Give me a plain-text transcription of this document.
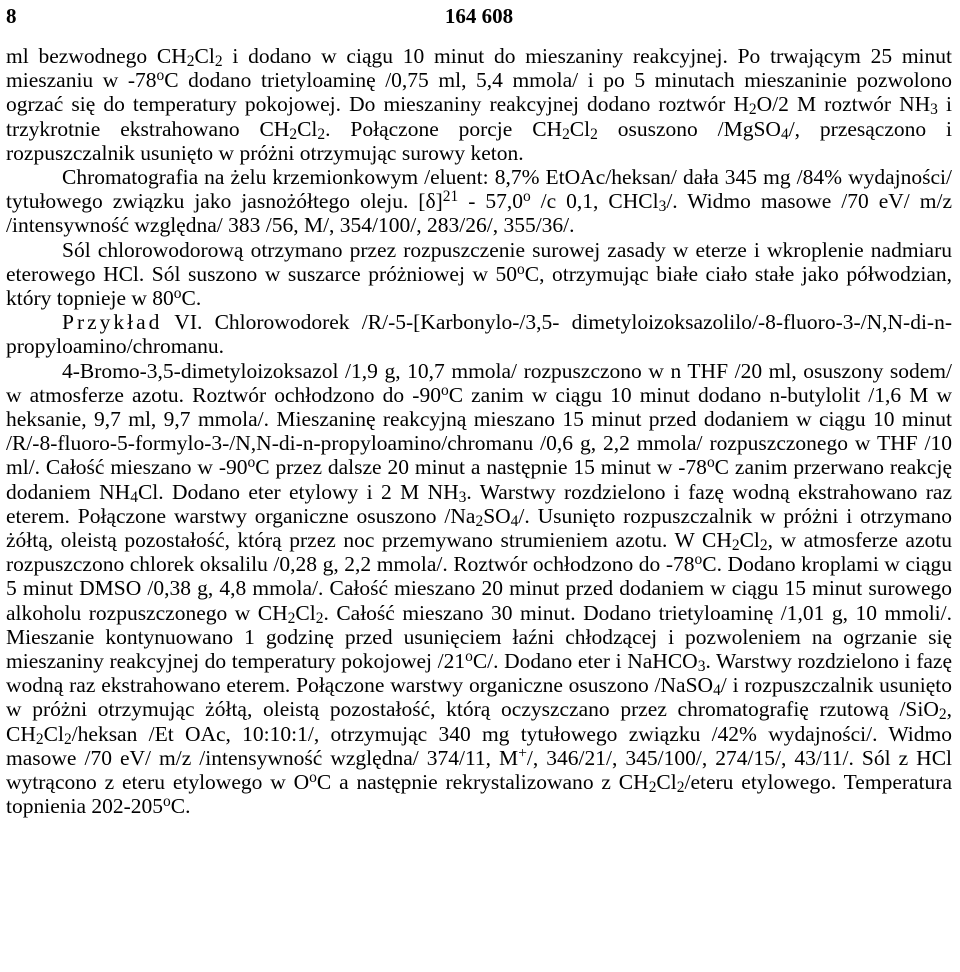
8	164 608

ml bezwodnego $CH_2Cl_2$ i dodano w ciągu 10 minut do mieszaniny reakcyjnej. Po trwającym 25 minut mieszaniu w -78$^o$C dodano trietyloaminę /0,75 ml, 5,4 mmola/ i po 5 minutach mieszaninie pozwolono ogrzać się do temperatury pokojowej. Do mieszaniny reakcyjnej dodano roztwór $H_2O/2$ M roztwór $NH_3$ i trzykrotnie ekstrahowano $CH_2Cl_2$. Połączone porcje $CH_2Cl_2$ osuszono /MgSO$_4$/, przesączono i rozpuszczalnik usunięto w próżni otrzymując surowy keton.

Chromatografia na żelu krzemionkowym /eluent: 8,7% EtOAc/heksan/ dała 345 mg /84% wydajności/ tytułowego związku jako jasnożółtego oleju. $[\delta]^{21} - 57,0^o$ /c 0,1, CHCl$_3$/. Widmo masowe /70 eV/ m/z /intensywność względna/ 383 /56, M/, 354/100/, 283/26/, 355/36/.

Sól chlorowodorową otrzymano przez rozpuszczenie surowej zasady w eterze i wkroplenie nadmiaru eterowego HCl. Sól suszono w suszarce próżniowej w 50$^o$C, otrzymując białe ciało stałe jako półwodzian, który topnieje w 80$^o$C.

Przykład VI. Chlorowodorek /R/-5-[Karbonylo-/3,5- dimetyloizoksazolilo/-8-fluoro-3-/N,N-di-n-propyloamino/chromanu.

4-Bromo-3,5-dimetyloizoksazol /1,9 g, 10,7 mmola/ rozpuszczono w n THF /20 ml, osuszony sodem/ w atmosferze azotu. Roztwór ochłodzono do -90$^o$C zanim w ciągu 10 minut dodano n-butylolit /1,6 M w heksanie, 9,7 ml, 9,7 mmola/. Mieszaninę reakcyjną mieszano 15 minut przed dodaniem w ciągu 10 minut /R/-8-fluoro-5-formylo-3-/N,N-di-n-propyloamino/chromanu /0,6 g, 2,2 mmola/ rozpuszczonego w THF /10 ml/. Całość mieszano w -90$^o$C przez dalsze 20 minut a następnie 15 minut w -78$^o$C zanim przerwano reakcję dodaniem $NH_4Cl$. Dodano eter etylowy i 2 M $NH_3$. Warstwy rozdzielono i fazę wodną ekstrahowano raz eterem. Połączone warstwy organiczne osuszono $/Na_2SO_4/$. Usunięto rozpuszczalnik w próżni i otrzymano żółtą, oleistą pozostałość, którą przez noc przemywano strumieniem azotu. W $CH_2Cl_2$, w atmosferze azotu rozpuszczono chlorek oksalilu /0,28 g, 2,2 mmola/. Roztwór ochłodzono do -78$^o$C. Dodano kroplami w ciągu 5 minut DMSO /0,38 g, 4,8 mmola/. Całość mieszano 20 minut przed dodaniem w ciągu 15 minut surowego alkoholu rozpuszczonego w $CH_2Cl_2$. Całość mieszano 30 minut. Dodano trietyloaminę /1,01 g, 10 mmoli/. Mieszanie kontynuowano 1 godzinę przed usunięciem łaźni chłodzącej i pozwoleniem na ogrzanie się mieszaniny reakcyjnej do temperatury pokojowej /21$^o$C/. Dodano eter i NaHCO$_3$. Warstwy rozdzielono i fazę wodną raz ekstrahowano eterem. Połączone warstwy organiczne osuszono /NaSO$_4$/ i rozpuszczalnik usunięto w próżni otrzymując żółtą, oleistą pozostałość, którą oczyszczano przez chromatografię rzutową /SiO$_2$, $CH_2Cl_2$/heksan /Et OAc, 10:10:1/, otrzymując 340 mg tytułowego związku /42% wydajności/. Widmo masowe /70 eV/ m/z /intensywność względna/ 374/11, M+/, 346/21/, 345/100/, 274/15/, 43/11/. Sól z HCl wytrącono z eteru etylowego w $O^oC$ a następnie rekrystalizowano z $CH_2Cl_2$/eteru etylowego. Temperatura topnienia 202-205$^o$C.
